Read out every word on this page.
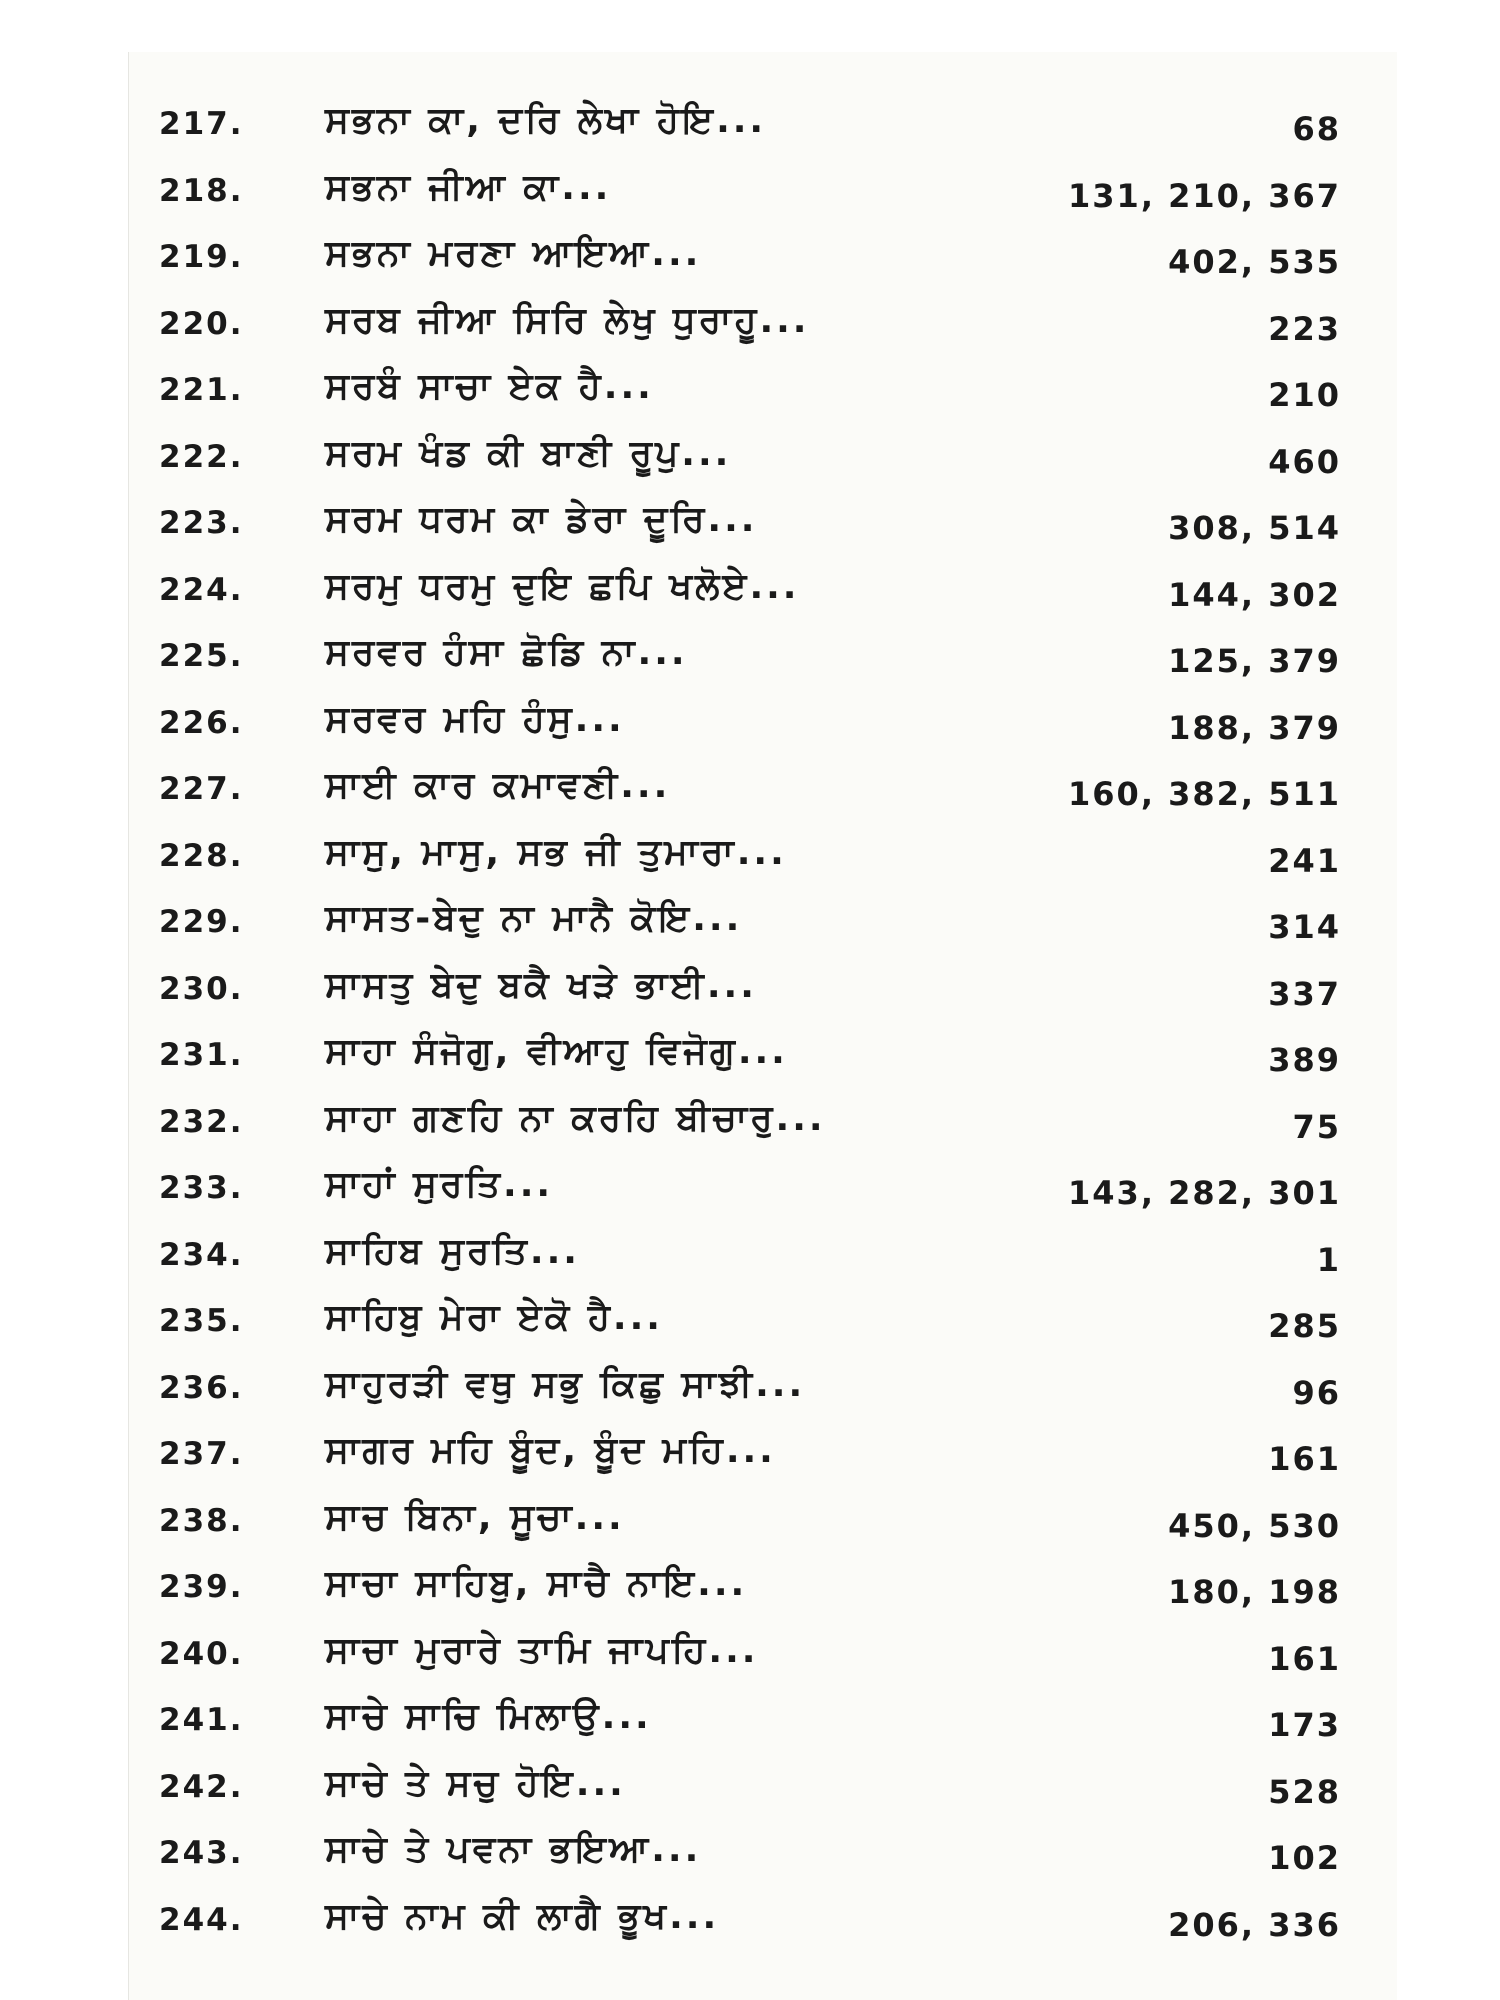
217. ਸਭਨਾ ਕਾ, ਦਰਿ ਲੇਖਾ ਹੋਇ...	68
218. ਸਭਨਾ ਜੀਆ ਕਾ...	131, 210, 367
219. ਸਭਨਾ ਮਰਣਾ ਆਇਆ...	402, 535
220. ਸਰਬ ਜੀਆ ਸਿਰਿ ਲੇਖੁ ਧੁਰਾਹੂ...	223
221. ਸਰਬੰ ਸਾਚਾ ਏਕ ਹੈ...	210
222. ਸਰਮ ਖੰਡ ਕੀ ਬਾਣੀ ਰੂਪੁ...	460
223. ਸਰਮ ਧਰਮ ਕਾ ਡੇਰਾ ਦੂਰਿ...	308, 514
224. ਸਰਮੁ ਧਰਮੁ ਦੁਇ ਛਪਿ ਖਲੋਏ...	144, 302
225. ਸਰਵਰ ਹੰਸਾ ਛੋਡਿ ਨਾ...	125, 379
226. ਸਰਵਰ ਮਹਿ ਹੰਸੁ...	188, 379
227. ਸਾਈ ਕਾਰ ਕਮਾਵਣੀ...	160, 382, 511
228. ਸਾਸੁ, ਮਾਸੁ, ਸਭ ਜੀ ਤੁਮਾਰਾ...	241
229. ਸਾਸਤ-ਬੇਦੁ ਨਾ ਮਾਨੈ ਕੋਇ...	314
230. ਸਾਸਤੁ ਬੇਦੁ ਬਕੈ ਖੜੇ ਭਾਈ...	337
231. ਸਾਹਾ ਸੰਜੋਗੁ, ਵੀਆਹੁ ਵਿਜੋਗੁ...	389
232. ਸਾਹਾ ਗਣਹਿ ਨਾ ਕਰਹਿ ਬੀਚਾਰੁ...	75
233. ਸਾਹਾਂ ਸੁਰਤਿ...	143, 282, 301
234. ਸਾਹਿਬ ਸੁਰਤਿ...	1
235. ਸਾਹਿਬੁ ਮੇਰਾ ਏਕੋ ਹੈ...	285
236. ਸਾਹੁਰੜੀ ਵਥੁ ਸਭੁ ਕਿਛੁ ਸਾਝੀ...	96
237. ਸਾਗਰ ਮਹਿ ਬੂੰਦ, ਬੂੰਦ ਮਹਿ...	161
238. ਸਾਚ ਬਿਨਾ, ਸੂਚਾ...	450, 530
239. ਸਾਚਾ ਸਾਹਿਬੁ, ਸਾਚੈ ਨਾਇ...	180, 198
240. ਸਾਚਾ ਮੁਰਾਰੇ ਤਾਮਿ ਜਾਪਹਿ...	161
241. ਸਾਚੇ ਸਾਚਿ ਮਿਲਾਉ...	173
242. ਸਾਚੇ ਤੇ ਸਚੁ ਹੋਇ...	528
243. ਸਾਚੇ ਤੇ ਪਵਨਾ ਭਇਆ...	102
244. ਸਾਚੇ ਨਾਮ ਕੀ ਲਾਗੈ ਭੂਖ...	206, 336
